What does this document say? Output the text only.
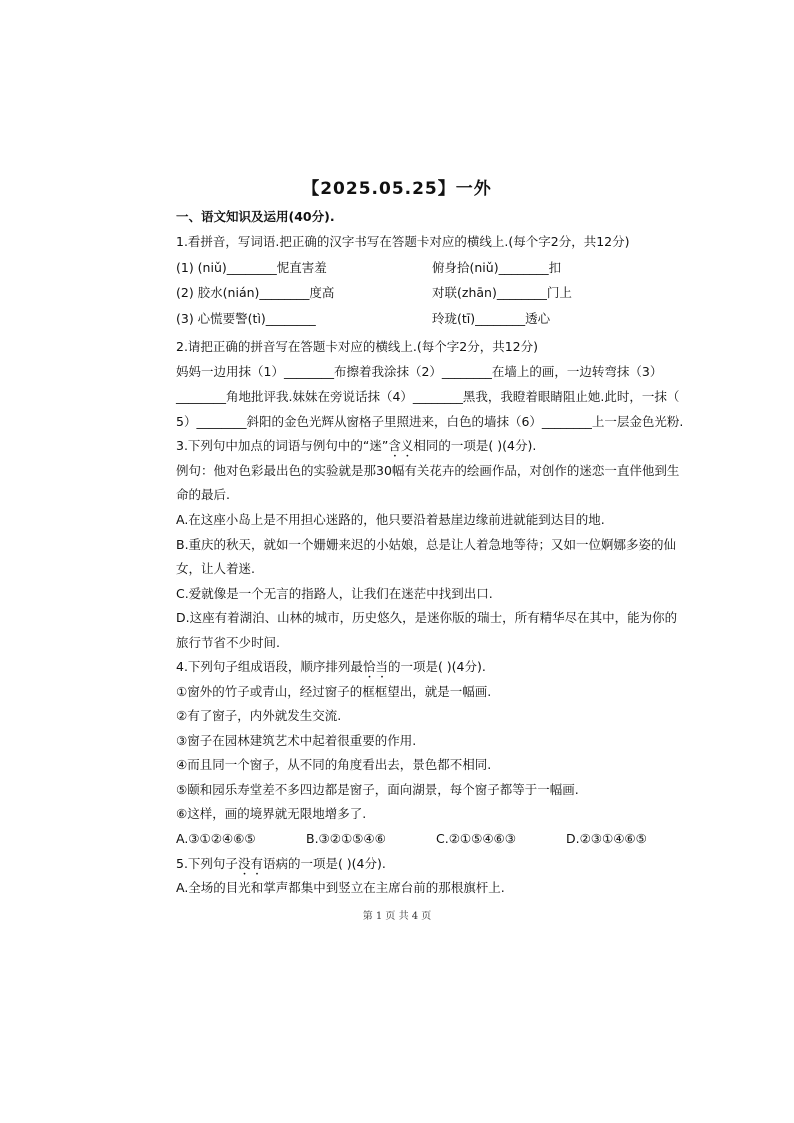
【2025.05.25】一外
一、语文知识及运用(40分).
1.看拼音，写词语.把正确的汉字书写在答题卡对应的横线上.(每个字2分，共12分)
(1) (niǔ)________怩直害羞	俯身拾(niǔ)________扣
(2) 胶水(nián)________度高	对联(zhān)________门上
(3) 心慌要警(tì)________	玲珑(tī)________透心
2.请把正确的拼音写在答题卡对应的横线上.(每个字2分，共12分)
妈妈一边用抹（1）________布擦着我涂抹（2）________在墙上的画，一边转弯抹（3）
________角地批评我.妹妹在旁说话抹（4）________黑我，我瞪着眼睛阻止她.此时，一抹（
5）________斜阳的金色光辉从窗格子里照进来，白色的墙抹（6）________上一层金色光粉.
3.下列句中加点的词语与例句中的“迷”含义相同的一项是( )(4分).
例句：他对色彩最出色的实验就是那30幅有关花卉的绘画作品，对创作的迷恋一直伴他到生
命的最后.
A.在这座小岛上是不用担心迷路的，他只要沿着悬崖边缘前进就能到达目的地.
B.重庆的秋天，就如一个姗姗来迟的小姑娘，总是让人着急地等待；又如一位婀娜多姿的仙
女，让人着迷.
C.爱就像是一个无言的指路人，让我们在迷茫中找到出口.
D.这座有着湖泊、山林的城市，历史悠久，是迷你版的瑞士，所有精华尽在其中，能为你的
旅行节省不少时间.
4.下列句子组成语段，顺序排列最恰当的一项是( )(4分).
①窗外的竹子或青山，经过窗子的框框望出，就是一幅画.
②有了窗子，内外就发生交流.
③窗子在园林建筑艺术中起着很重要的作用.
④而且同一个窗子，从不同的角度看出去，景色都不相同.
⑤颐和园乐寿堂差不多四边都是窗子，面向湖景，每个窗子都等于一幅画.
⑥这样，画的境界就无限地增多了.
A.③①②④⑥⑤	B.③②①⑤④⑥	C.②①⑤④⑥③	D.②③①④⑥⑤
5.下列句子没有语病的一项是( )(4分).
A.全场的目光和掌声都集中到竖立在主席台前的那根旗杆上.
第 1 页 共 4 页
